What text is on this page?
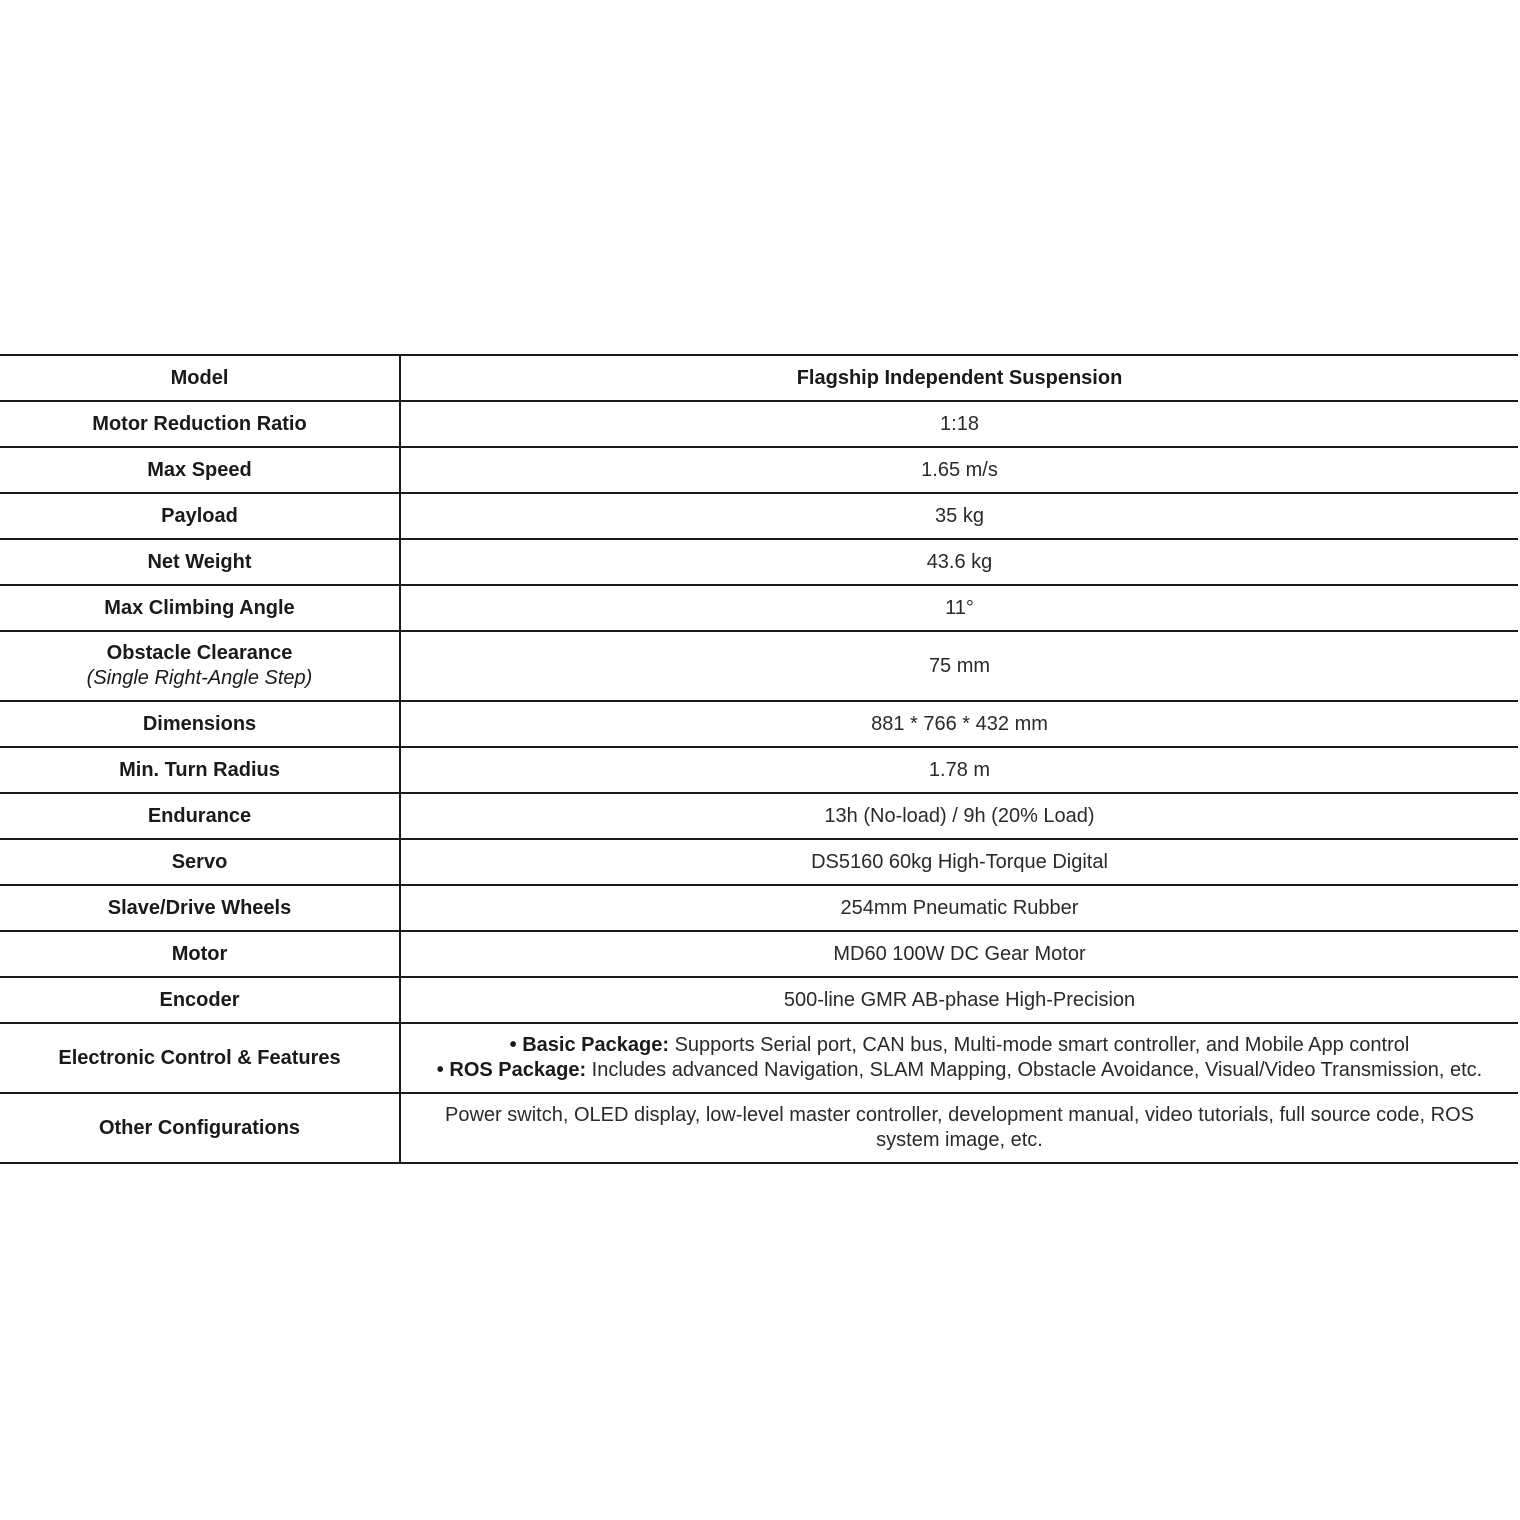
Model	Flagship Independent Suspension
Motor Reduction Ratio	1:18
Max Speed	1.65 m/s
Payload	35 kg
Net Weight	43.6 kg
Max Climbing Angle	11°
Obstacle Clearance
(Single Right-Angle Step)	75 mm
Dimensions	881 * 766 * 432 mm
Min. Turn Radius	1.78 m
Endurance	13h (No-load) / 9h (20% Load)
Servo	DS5160 60kg High-Torque Digital
Slave/Drive Wheels	254mm Pneumatic Rubber
Motor	MD60 100W DC Gear Motor
Encoder	500-line GMR AB-phase High-Precision
Electronic Control & Features	• Basic Package: Supports Serial port, CAN bus, Multi-mode smart controller, and Mobile App control
• ROS Package: Includes advanced Navigation, SLAM Mapping, Obstacle Avoidance, Visual/Video Transmission, etc.

Other Configurations	Power switch, OLED display, low-level master controller, development manual, video tutorials, full source code, ROS system image, etc.
